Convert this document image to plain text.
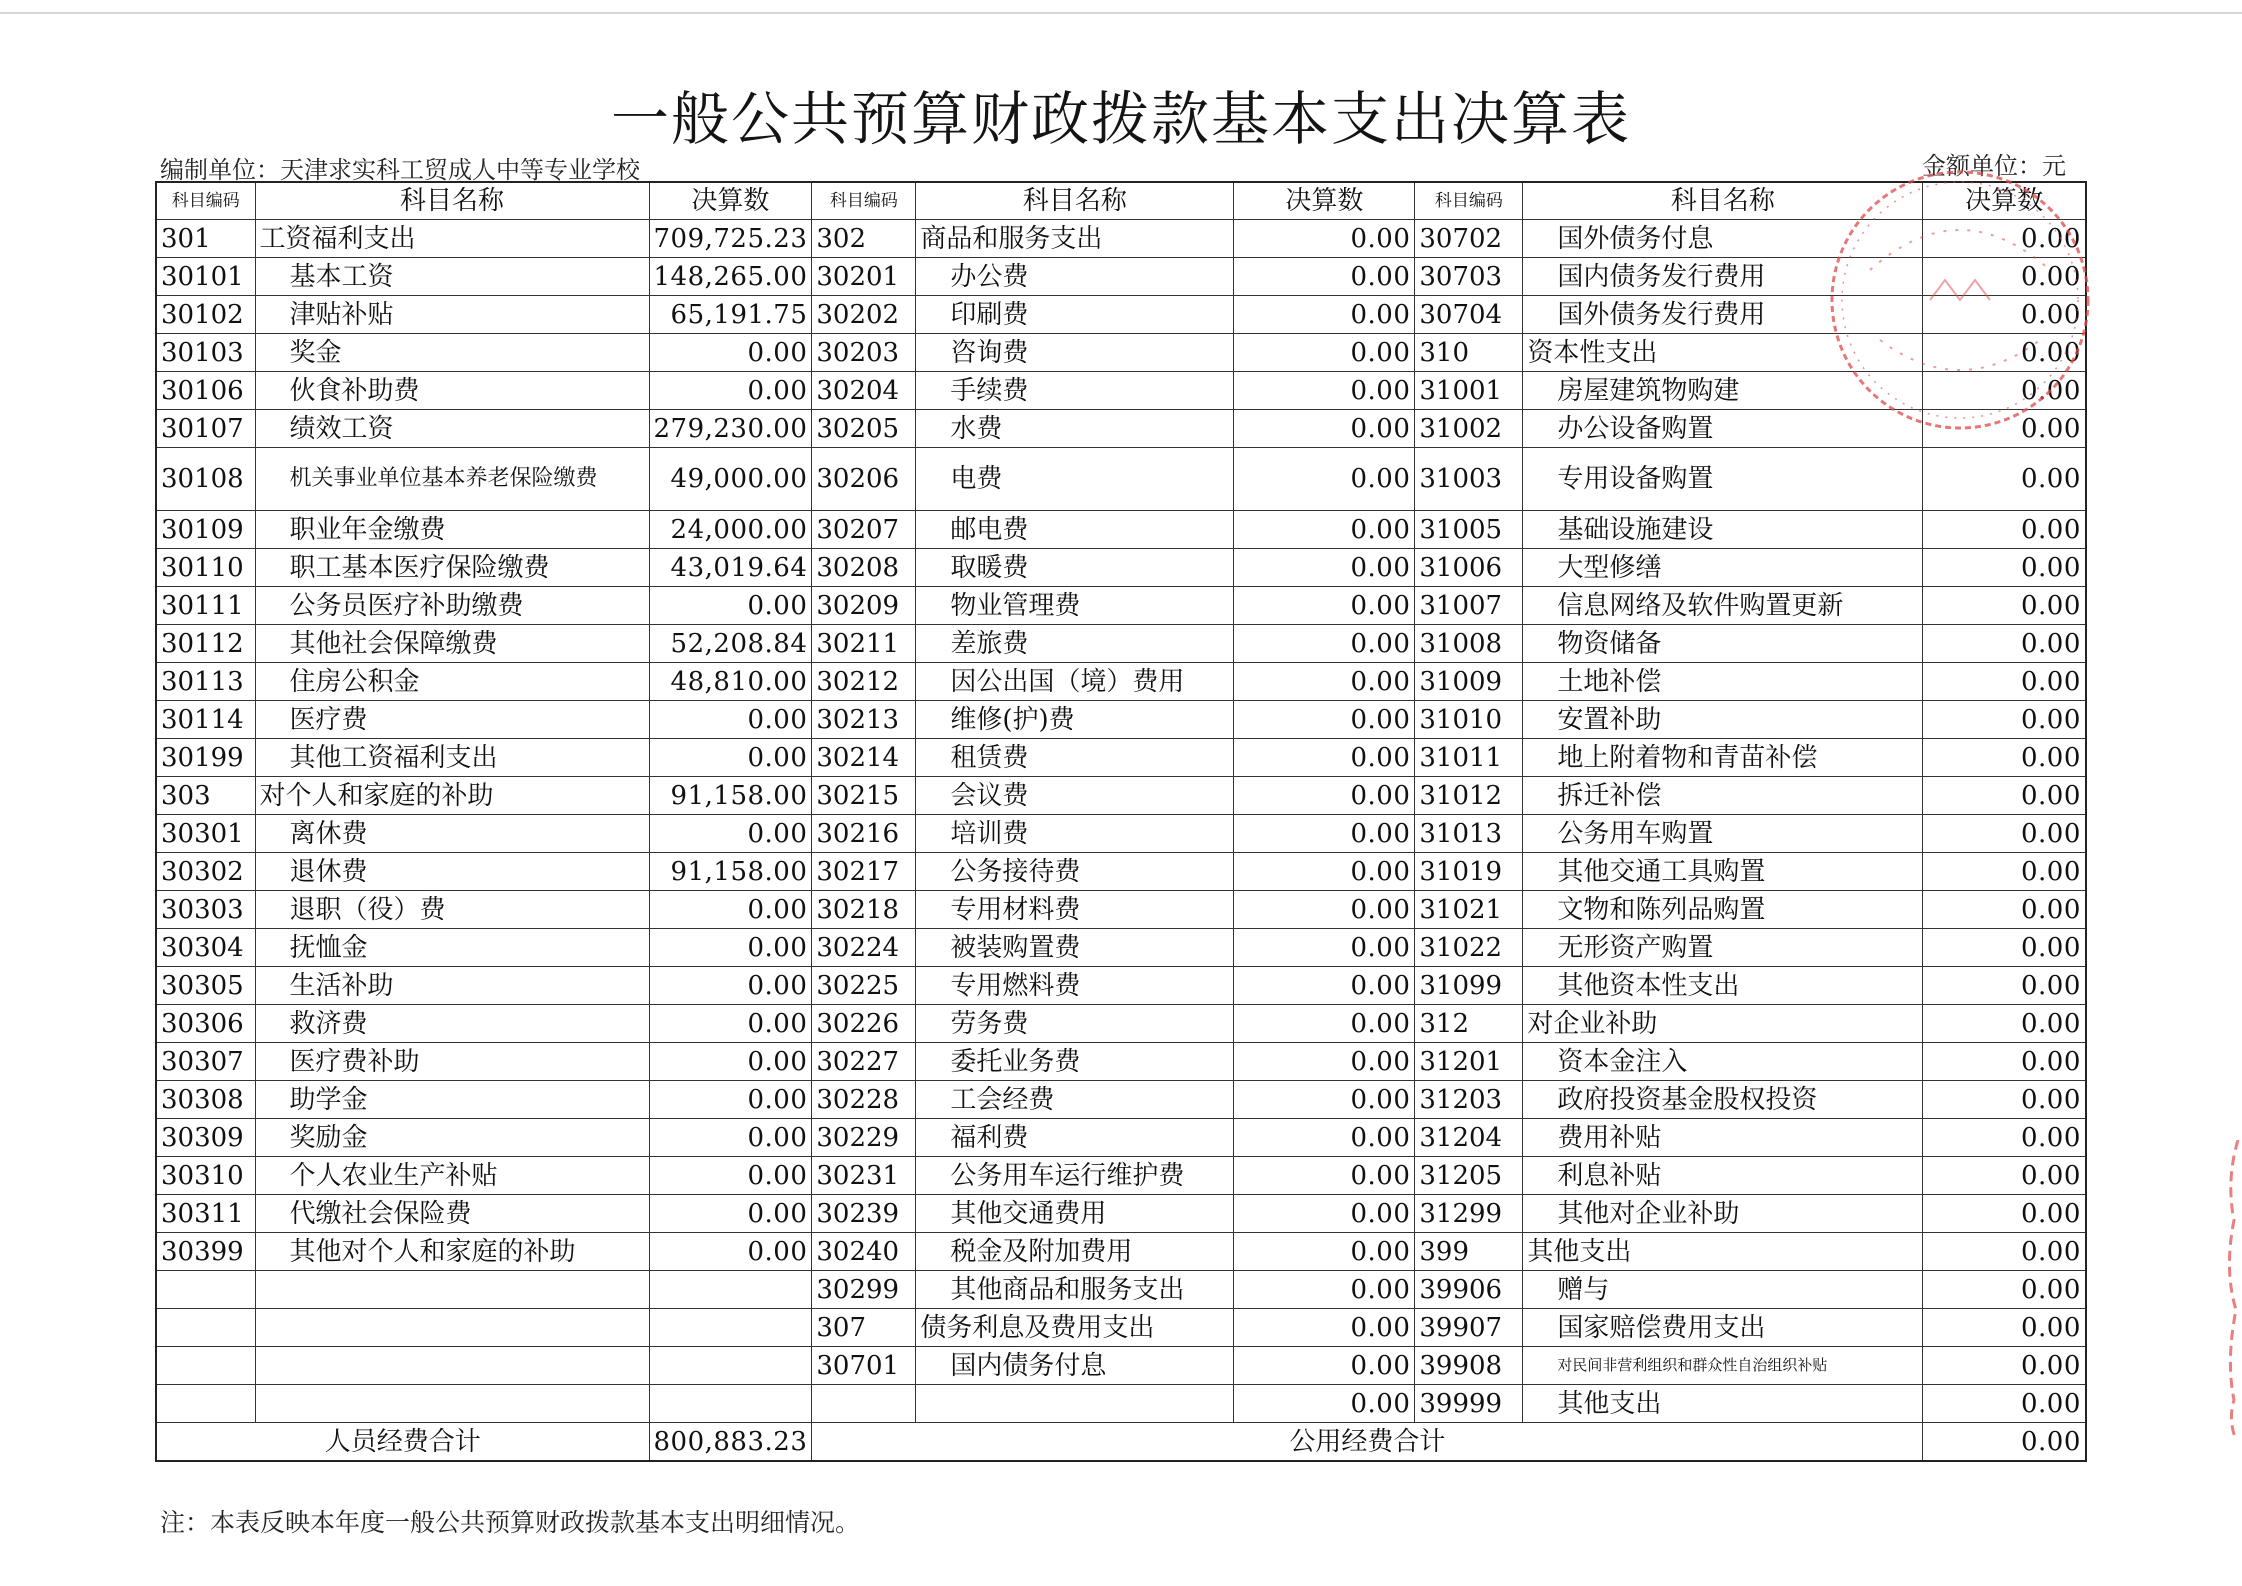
一般公共预算财政拨款基本支出决算表
编制单位：天津求实科工贸成人中等专业学校	金额单位：元
科目编码	科目名称	决算数	科目编码	科目名称	决算数	科目编码	科目名称	决算数
301	工资福利支出	709,725.23	302	商品和服务支出	0.00	30702	国外债务付息	0.00
30101	基本工资	148,265.00	30201	办公费	0.00	30703	国内债务发行费用	0.00
30102	津贴补贴	65,191.75	30202	印刷费	0.00	30704	国外债务发行费用	0.00
30103	奖金	0.00	30203	咨询费	0.00	310	资本性支出	0.00
30106	伙食补助费	0.00	30204	手续费	0.00	31001	房屋建筑物购建	0.00
30107	绩效工资	279,230.00	30205	水费	0.00	31002	办公设备购置	0.00
30108	机关事业单位基本养老保险缴费	49,000.00	30206	电费	0.00	31003	专用设备购置	0.00
30109	职业年金缴费	24,000.00	30207	邮电费	0.00	31005	基础设施建设	0.00
30110	职工基本医疗保险缴费	43,019.64	30208	取暖费	0.00	31006	大型修缮	0.00
30111	公务员医疗补助缴费	0.00	30209	物业管理费	0.00	31007	信息网络及软件购置更新	0.00
30112	其他社会保障缴费	52,208.84	30211	差旅费	0.00	31008	物资储备	0.00
30113	住房公积金	48,810.00	30212	因公出国（境）费用	0.00	31009	土地补偿	0.00
30114	医疗费	0.00	30213	维修(护)费	0.00	31010	安置补助	0.00
30199	其他工资福利支出	0.00	30214	租赁费	0.00	31011	地上附着物和青苗补偿	0.00
303	对个人和家庭的补助	91,158.00	30215	会议费	0.00	31012	拆迁补偿	0.00
30301	离休费	0.00	30216	培训费	0.00	31013	公务用车购置	0.00
30302	退休费	91,158.00	30217	公务接待费	0.00	31019	其他交通工具购置	0.00
30303	退职（役）费	0.00	30218	专用材料费	0.00	31021	文物和陈列品购置	0.00
30304	抚恤金	0.00	30224	被装购置费	0.00	31022	无形资产购置	0.00
30305	生活补助	0.00	30225	专用燃料费	0.00	31099	其他资本性支出	0.00
30306	救济费	0.00	30226	劳务费	0.00	312	对企业补助	0.00
30307	医疗费补助	0.00	30227	委托业务费	0.00	31201	资本金注入	0.00
30308	助学金	0.00	30228	工会经费	0.00	31203	政府投资基金股权投资	0.00
30309	奖励金	0.00	30229	福利费	0.00	31204	费用补贴	0.00
30310	个人农业生产补贴	0.00	30231	公务用车运行维护费	0.00	31205	利息补贴	0.00
30311	代缴社会保险费	0.00	30239	其他交通费用	0.00	31299	其他对企业补助	0.00
30399	其他对个人和家庭的补助	0.00	30240	税金及附加费用	0.00	399	其他支出	0.00
			30299	其他商品和服务支出	0.00	39906	赠与	0.00
			307	债务利息及费用支出	0.00	39907	国家赔偿费用支出	0.00
			30701	国内债务付息	0.00	39908	对民间非营利组织和群众性自治组织补贴	0.00
					0.00	39999	其他支出	0.00
人员经费合计		800,883.23	公用经费合计					0.00
注：本表反映本年度一般公共预算财政拨款基本支出明细情况。
